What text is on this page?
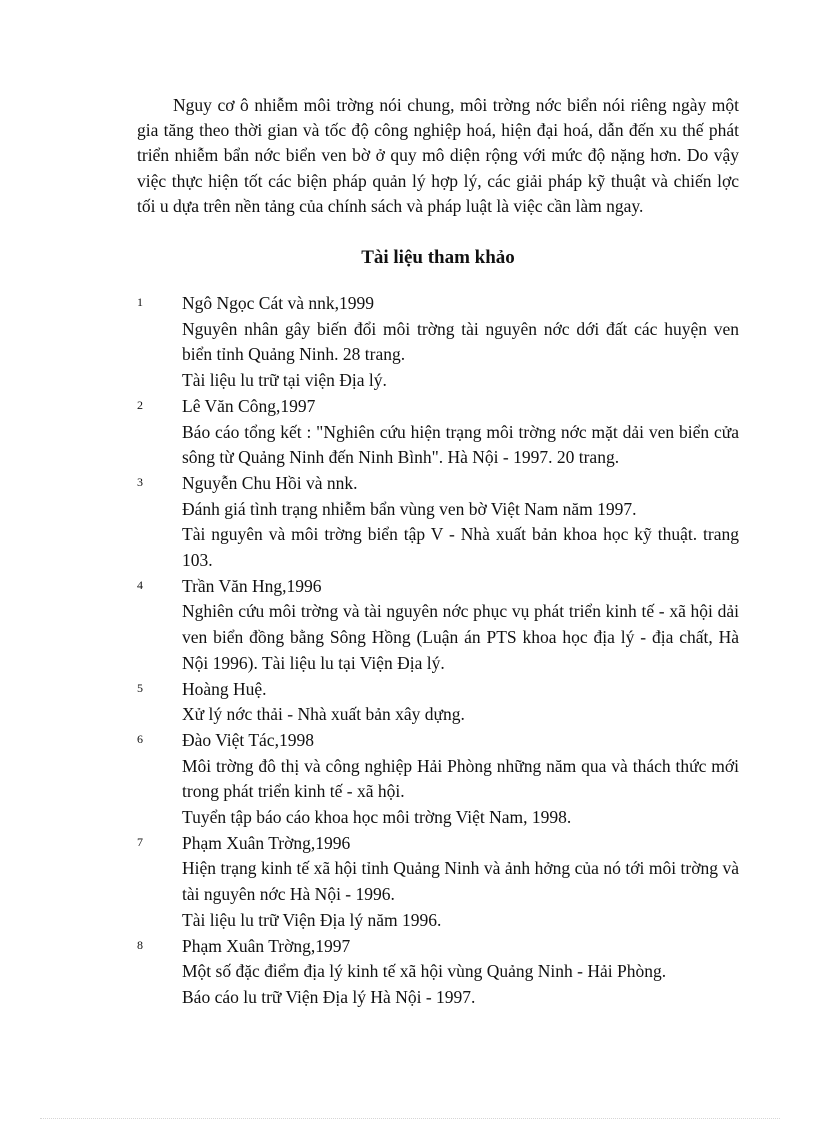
Nguy cơ ô nhiễm môi trờng nói chung, môi trờng nớc biển nói riêng ngày một gia tăng theo thời gian và tốc độ công nghiệp hoá, hiện đại hoá, dẫn đến xu thế phát triển nhiễm bẩn nớc biển ven bờ ở quy mô diện rộng với mức độ nặng hơn. Do vậy việc thực hiện tốt các biện pháp quản lý hợp lý, các giải pháp kỹ thuật và chiến lợc tối u dựa trên nền tảng của chính sách và pháp luật là việc cần làm ngay.

Tài liệu tham khảo
1 Ngô Ngọc Cát và nnk,1999
Nguyên nhân gây biến đổi môi trờng tài nguyên nớc dới đất các huyện ven biển tỉnh Quảng Ninh. 28 trang.
Tài liệu lu trữ tại viện Địa lý.
2 Lê Văn Công,1997
Báo cáo tổng kết : "Nghiên cứu hiện trạng môi trờng nớc mặt dải ven biển cửa sông từ Quảng Ninh đến Ninh Bình". Hà Nội - 1997. 20 trang.
3 Nguyễn Chu Hồi và nnk.
Đánh giá tình trạng nhiễm bẩn vùng ven bờ Việt Nam năm 1997.
Tài nguyên và môi trờng biển tập V - Nhà xuất bản khoa học kỹ thuật. trang 103.
4 Trần Văn Hng,1996
Nghiên cứu môi trờng và tài nguyên nớc phục vụ phát triển kinh tế - xã hội dải ven biển đồng bằng Sông Hồng (Luận án PTS khoa học địa lý - địa chất, Hà Nội 1996). Tài liệu lu tại Viện Địa lý.
5 Hoàng Huệ.
Xử lý nớc thải - Nhà xuất bản xây dựng.
6 Đào Việt Tác,1998
Môi trờng đô thị và công nghiệp Hải Phòng những năm qua và thách thức mới trong phát triển kinh tế - xã hội.
Tuyển tập báo cáo khoa học môi trờng Việt Nam, 1998.
7 Phạm Xuân Trờng,1996
Hiện trạng kinh tế xã hội tỉnh Quảng Ninh và ảnh hởng của nó tới môi trờng và tài nguyên nớc Hà Nội - 1996.
Tài liệu lu trữ Viện Địa lý năm 1996.
8 Phạm Xuân Trờng,1997
Một số đặc điểm địa lý kinh tế xã hội vùng Quảng Ninh - Hải Phòng.
Báo cáo lu trữ Viện Địa lý Hà Nội - 1997.
